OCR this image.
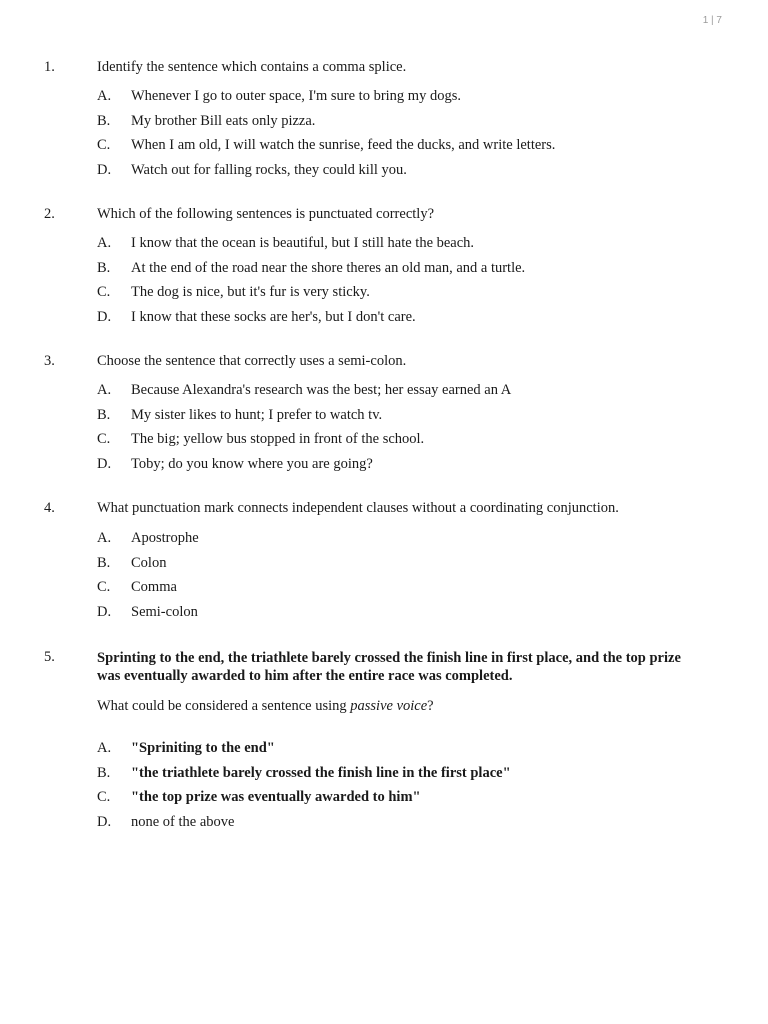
1 | 7
1.	Identify the sentence which contains a comma splice.
A. Whenever I go to outer space, I'm sure to bring my dogs.
B. My brother Bill eats only pizza.
C. When I am old, I will watch the sunrise, feed the ducks, and write letters.
D. Watch out for falling rocks, they could kill you.
2.	Which of the following sentences is punctuated correctly?
A. I know that the ocean is beautiful, but I still hate the beach.
B. At the end of the road near the shore theres an old man, and a turtle.
C. The dog is nice, but it's fur is very sticky.
D. I know that these socks are her's, but I don't care.
3.	Choose the sentence that correctly uses a semi-colon.
A. Because Alexandra's research was the best; her essay earned an A
B. My sister likes to hunt; I prefer to watch tv.
C. The big; yellow bus stopped in front of the school.
D. Toby; do you know where you are going?
4.	What punctuation mark connects independent clauses without a coordinating conjunction.
A. Apostrophe
B. Colon
C. Comma
D. Semi-colon
5.	Sprinting to the end, the triathlete barely crossed the finish line in first place, and the top prize was eventually awarded to him after the entire race was completed.
What could be considered a sentence using passive voice?
A. "Spriniting to the end"
B. "the triathlete barely crossed the finish line in the first place"
C. "the top prize was eventually awarded to him"
D. none of the above
